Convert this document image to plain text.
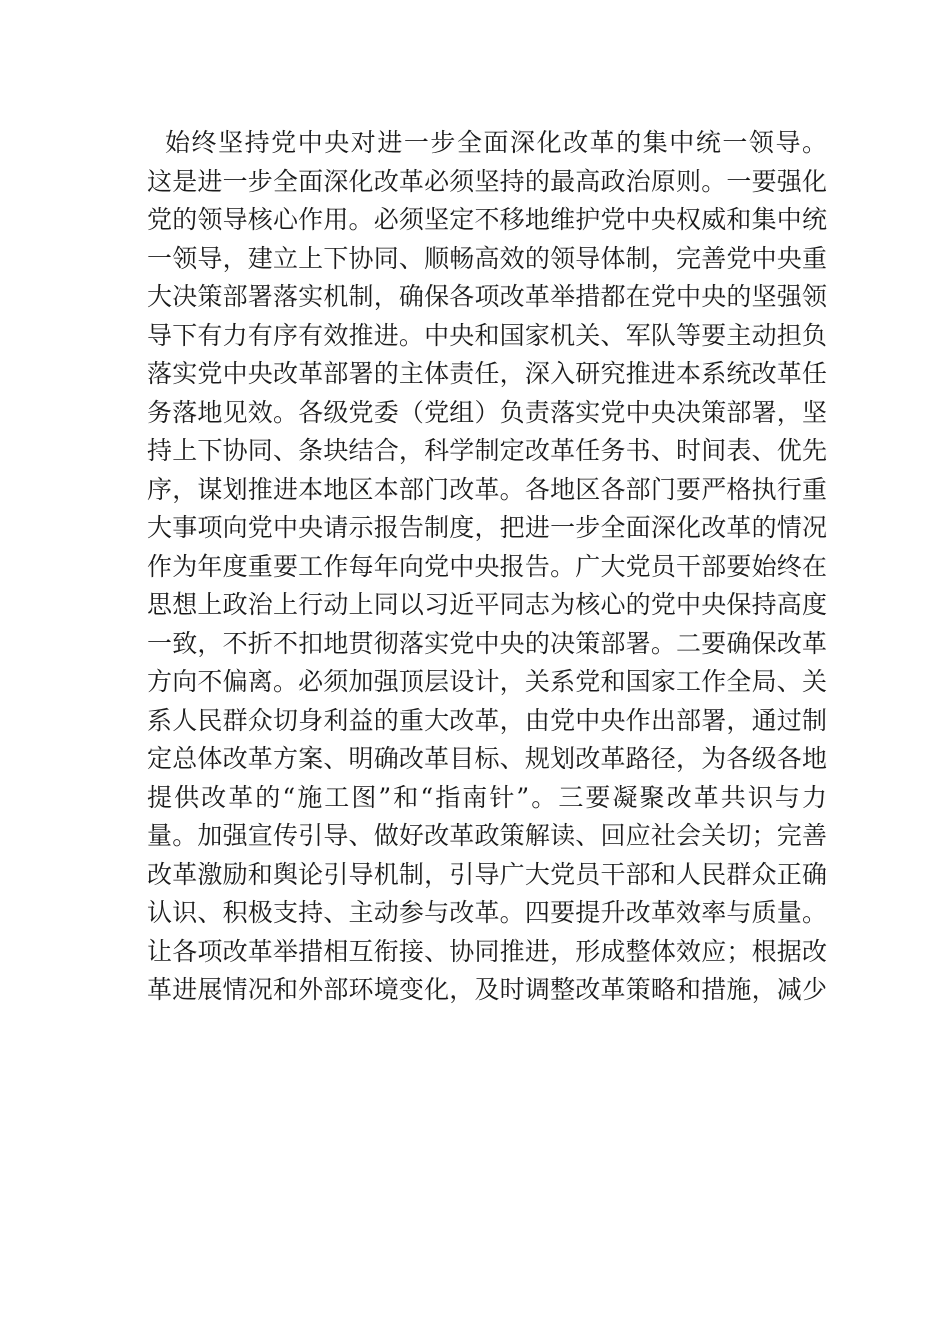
始终坚持党中央对进一步全面深化改革的集中统一领导。
这是进一步全面深化改革必须坚持的最高政治原则。一要强化
党的领导核心作用。必须坚定不移地维护党中央权威和集中统
一领导，建立上下协同、顺畅高效的领导体制，完善党中央重
大决策部署落实机制，确保各项改革举措都在党中央的坚强领
导下有力有序有效推进。中央和国家机关、军队等要主动担负
落实党中央改革部署的主体责任，深入研究推进本系统改革任
务落地见效。各级党委（党组）负责落实党中央决策部署，坚
持上下协同、条块结合，科学制定改革任务书、时间表、优先
序，谋划推进本地区本部门改革。各地区各部门要严格执行重
大事项向党中央请示报告制度，把进一步全面深化改革的情况
作为年度重要工作每年向党中央报告。广大党员干部要始终在
思想上政治上行动上同以习近平同志为核心的党中央保持高度
一致，不折不扣地贯彻落实党中央的决策部署。二要确保改革
方向不偏离。必须加强顶层设计，关系党和国家工作全局、关
系人民群众切身利益的重大改革，由党中央作出部署，通过制
定总体改革方案、明确改革目标、规划改革路径，为各级各地
提供改革的“施工图”和“指南针”。三要凝聚改革共识与力
量。加强宣传引导、做好改革政策解读、回应社会关切；完善
改革激励和舆论引导机制，引导广大党员干部和人民群众正确
认识、积极支持、主动参与改革。四要提升改革效率与质量。
让各项改革举措相互衔接、协同推进，形成整体效应；根据改
革进展情况和外部环境变化，及时调整改革策略和措施，减少
